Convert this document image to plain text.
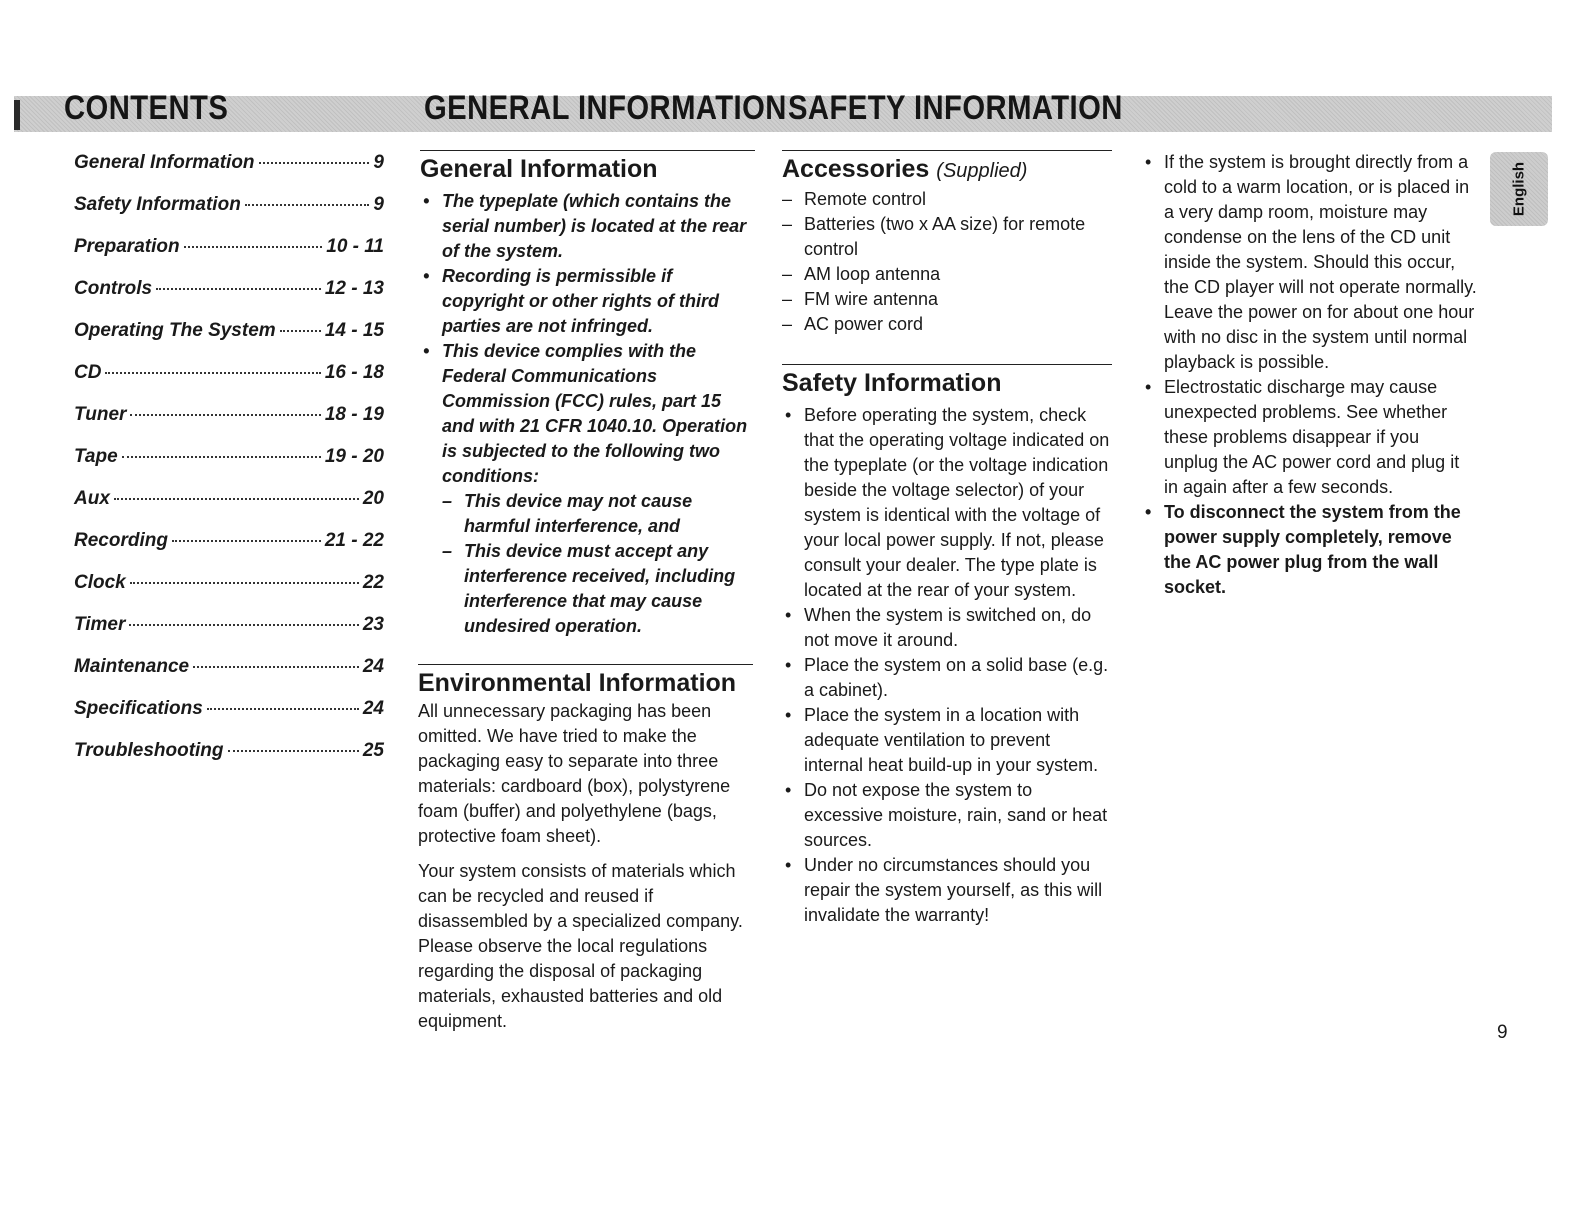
CONTENTS	GENERAL INFORMATION SAFETY INFORMATION
General Information	9
Safety Information	9
Preparation	10 - 11
Controls	12 - 13
Operating The System	14 - 15
CD	16 - 18
Tuner	18 - 19
Tape	19 - 20
Aux	20
Recording	21 - 22
Clock	22
Timer	23
Maintenance	24
Specifications	24
Troubleshooting	25
General Information
• The typeplate (which contains the serial number) is located at the rear of the system.
• Recording is permissible if copyright or other rights of third parties are not infringed.
• This device complies with the Federal Communications Commission (FCC) rules, part 15 and with 21 CFR 1040.10. Operation is subjected to the following two conditions:
– This device may not cause harmful interference, and
– This device must accept any interference received, including interference that may cause undesired operation.
Environmental Information

All unnecessary packaging has been omitted. We have tried to make the packaging easy to separate into three materials: cardboard (box), polystyrene foam (buffer) and polyethylene (bags, protective foam sheet).

Your system consists of materials which can be recycled and reused if disassembled by a specialized company. Please observe the local regulations regarding the disposal of packaging materials, exhausted batteries and old equipment.

Accessories (Supplied)
– Remote control
– Batteries (two x AA size) for remote control
– AM loop antenna
– FM wire antenna
– AC power cord
Safety Information
• Before operating the system, check that the operating voltage indicated on the typeplate (or the voltage indication beside the voltage selector) of your system is identical with the voltage of your local power supply. If not, please consult your dealer. The type plate is located at the rear of your system.
• When the system is switched on, do not move it around.
• Place the system on a solid base (e.g. a cabinet).
• Place the system in a location with adequate ventilation to prevent internal heat build-up in your system.
• Do not expose the system to excessive moisture, rain, sand or heat sources.
• Under no circumstances should you repair the system yourself, as this will invalidate the warranty!
• If the system is brought directly from a cold to a warm location, or is placed in a very damp room, moisture may condense on the lens of the CD unit inside the system. Should this occur, the CD player will not operate normally. Leave the power on for about one hour with no disc in the system until normal playback is possible.
• Electrostatic discharge may cause unexpected problems. See whether these problems disappear if you unplug the AC power cord and plug it in again after a few seconds.
• To disconnect the system from the power supply completely, remove the AC power plug from the wall socket.
English
9
